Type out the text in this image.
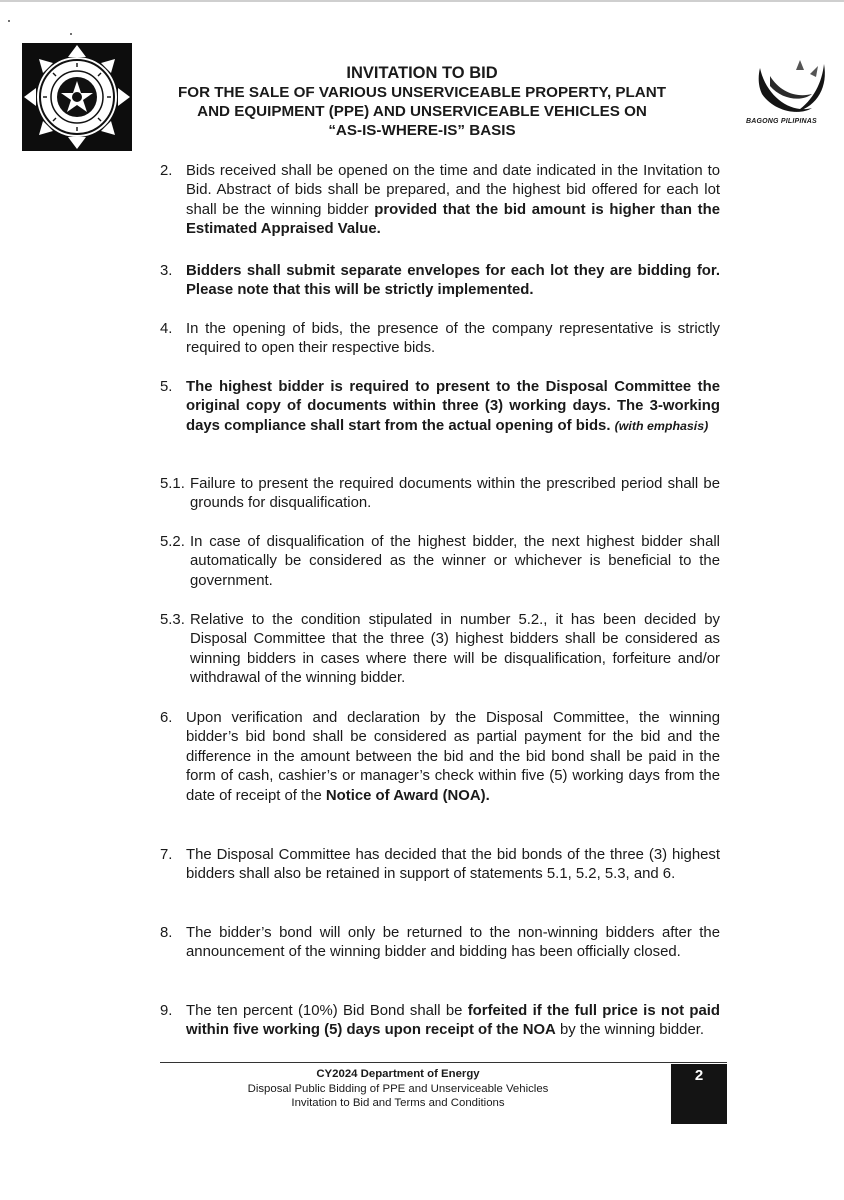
BAGONG PILIPINAS
INVITATION TO BID
FOR THE SALE OF VARIOUS UNSERVICEABLE PROPERTY, PLANT
AND EQUIPMENT (PPE) AND UNSERVICEABLE VEHICLES ON
“AS-IS-WHERE-IS” BASIS
2. Bids received shall be opened on the time and date indicated in the Invitation to Bid. Abstract of bids shall be prepared, and the highest bid offered for each lot shall be the winning bidder provided that the bid amount is higher than the Estimated Appraised Value.
3. Bidders shall submit separate envelopes for each lot they are bidding for. Please note that this will be strictly implemented.
4. In the opening of bids, the presence of the company representative is strictly required to open their respective bids.
5. The highest bidder is required to present to the Disposal Committee the original copy of documents within three (3) working days. The 3-working days compliance shall start from the actual opening of bids. (with emphasis)
5.1. Failure to present the required documents within the prescribed period shall be grounds for disqualification.
5.2. In case of disqualification of the highest bidder, the next highest bidder shall automatically be considered as the winner or whichever is beneficial to the government.
5.3. Relative to the condition stipulated in number 5.2., it has been decided by Disposal Committee that the three (3) highest bidders shall be considered as winning bidders in cases where there will be disqualification, forfeiture and/or withdrawal of the winning bidder.
6. Upon verification and declaration by the Disposal Committee, the winning bidder’s bid bond shall be considered as partial payment for the bid and the difference in the amount between the bid and the bid bond shall be paid in the form of cash, cashier’s or manager’s check within five (5) working days from the date of receipt of the Notice of Award (NOA).
7. The Disposal Committee has decided that the bid bonds of the three (3) highest bidders shall also be retained in support of statements 5.1, 5.2, 5.3, and 6.
8. The bidder’s bond will only be returned to the non-winning bidders after the announcement of the winning bidder and bidding has been officially closed.
9. The ten percent (10%) Bid Bond shall be forfeited if the full price is not paid within five working (5) days upon receipt of the NOA by the winning bidder.
CY2024 Department of Energy
Disposal Public Bidding of PPE and Unserviceable Vehicles
Invitation to Bid and Terms and Conditions
2
